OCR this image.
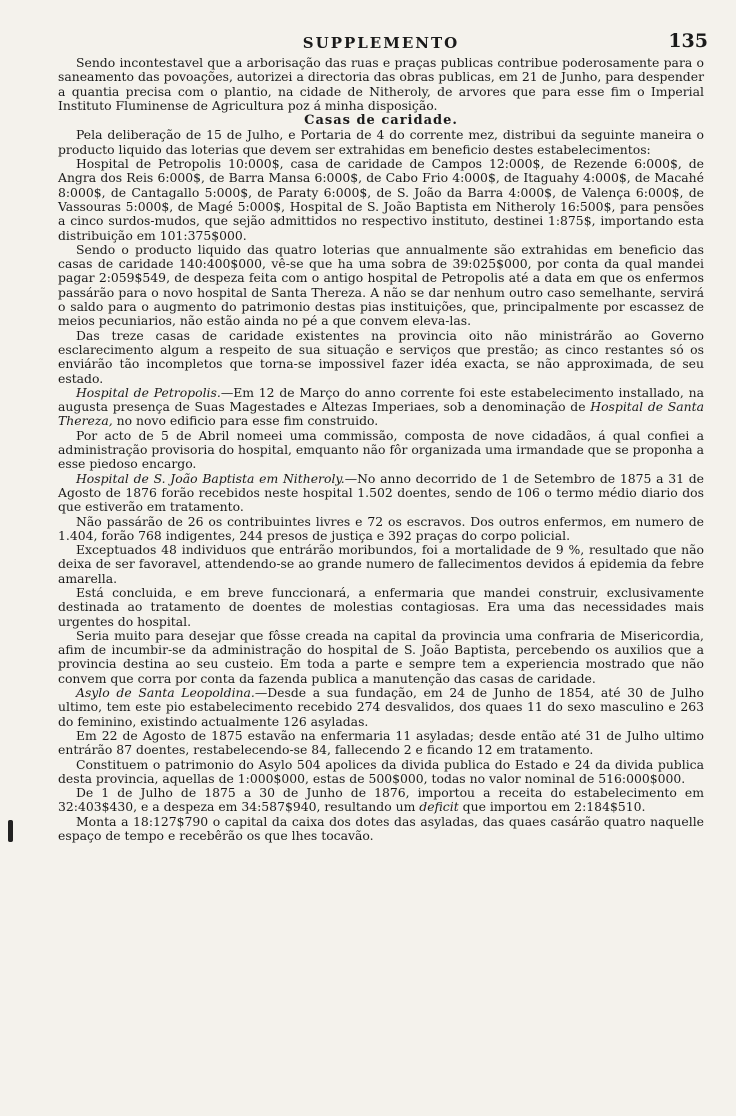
SUPPLEMENTO	135

Sendo incontestavel que a arborisação das ruas e praças publicas contribue poderosamente para o saneamento das povoações, autorizei a directoria das obras publicas, em 21 de Junho, para despender a quantia precisa com o plantio, na cidade de Nitheroly, de arvores que para esse fim o Imperial Instituto Fluminense de Agricultura poz á minha disposição.

Casas de caridade.

Pela deliberação de 15 de Julho, e Portaria de 4 do corrente mez, distribui da seguinte maneira o producto liquido das loterias que devem ser extrahidas em beneficio destes estabelecimentos:

Hospital de Petropolis 10:000$, casa de caridade de Campos 12:000$, de Rezende 6:000$, de Angra dos Reis 6:000$, de Barra Mansa 6:000$, de Cabo Frio 4:000$, de Itaguahy 4:000$, de Macahé 8:000$, de Cantagallo 5:000$, de Paraty 6:000$, de S. João da Barra 4:000$, de Valença 6:000$, de Vassouras 5:000$, de Magé 5:000$, Hospital de S. João Baptista em Nitheroly 16:500$, para pensões a cinco surdos-mudos, que sejão admittidos no respectivo instituto, destinei 1:875$, importando esta distribuição em 101:375$000.

Sendo o producto liquido das quatro loterias que annualmente são extrahidas em beneficio das casas de caridade 140:400$000, vê-se que ha uma sobra de 39:025$000, por conta da qual mandei pagar 2:059$549, de despeza feita com o antigo hospital de Petropolis até a data em que os enfermos passárão para o novo hospital de Santa Thereza. A não se dar nenhum outro caso semelhante, servirá o saldo para o augmento do patrimonio destas pias instituições, que, principalmente por escassez de meios pecuniarios, não estão ainda no pé a que convem eleva-las.

Das treze casas de caridade existentes na provincia oito não ministrárão ao Governo esclarecimento algum a respeito de sua situação e serviços que prestão; as cinco restantes só os enviárão tão incompletos que torna-se impossivel fazer idéa exacta, se não approximada, de seu estado.

Hospital de Petropolis.—Em 12 de Março do anno corrente foi este estabelecimento installado, na augusta presença de Suas Magestades e Altezas Imperiaes, sob a denominação de Hospital de Santa Thereza, no novo edificio para esse fim construido.

Por acto de 5 de Abril nomeei uma commissão, composta de nove cidadãos, á qual confiei a administração provisoria do hospital, emquanto não fôr organizada uma irmandade que se proponha a esse piedoso encargo.

Hospital de S. João Baptista em Nitheroly.—No anno decorrido de 1 de Setembro de 1875 a 31 de Agosto de 1876 forão recebidos neste hospital 1.502 doentes, sendo de 106 o termo médio diario dos que estiverão em tratamento.

Não passárão de 26 os contribuintes livres e 72 os escravos. Dos outros enfermos, em numero de 1.404, forão 768 indigentes, 244 presos de justiça e 392 praças do corpo policial.

Exceptuados 48 individuos que entrárão moribundos, foi a mortalidade de 9 %, resultado que não deixa de ser favoravel, attendendo-se ao grande numero de fallecimentos devidos á epidemia da febre amarella.

Está concluida, e em breve funccionará, a enfermaria que mandei construir, exclusivamente destinada ao tratamento de doentes de molestias contagiosas. Era uma das necessidades mais urgentes do hospital.

Seria muito para desejar que fôsse creada na capital da provincia uma confraria de Misericordia, afim de incumbir-se da administração do hospital de S. João Baptista, percebendo os auxilios que a provincia destina ao seu custeio. Em toda a parte e sempre tem a experiencia mostrado que não convem que corra por conta da fazenda publica a manutenção das casas de caridade.

Asylo de Santa Leopoldina.—Desde a sua fundação, em 24 de Junho de 1854, até 30 de Julho ultimo, tem este pio estabelecimento recebido 274 desvalidos, dos quaes 11 do sexo masculino e 263 do feminino, existindo actualmente 126 asyladas.

Em 22 de Agosto de 1875 estavão na enfermaria 11 asyladas; desde então até 31 de Julho ultimo entrárão 87 doentes, restabelecendo-se 84, fallecendo 2 e ficando 12 em tratamento.

Constituem o patrimonio do Asylo 504 apolices da divida publica do Estado e 24 da divida publica desta provincia, aquellas de 1:000$000, estas de 500$000, todas no valor nominal de 516:000$000.

De 1 de Julho de 1875 a 30 de Junho de 1876, importou a receita do estabelecimento em 32:403$430, e a despeza em 34:587$940, resultando um deficit que importou em 2:184$510.

Monta a 18:127$790 o capital da caixa dos dotes das asyladas, das quaes casárão quatro naquelle espaço de tempo e recebêrão os que lhes tocavão.
